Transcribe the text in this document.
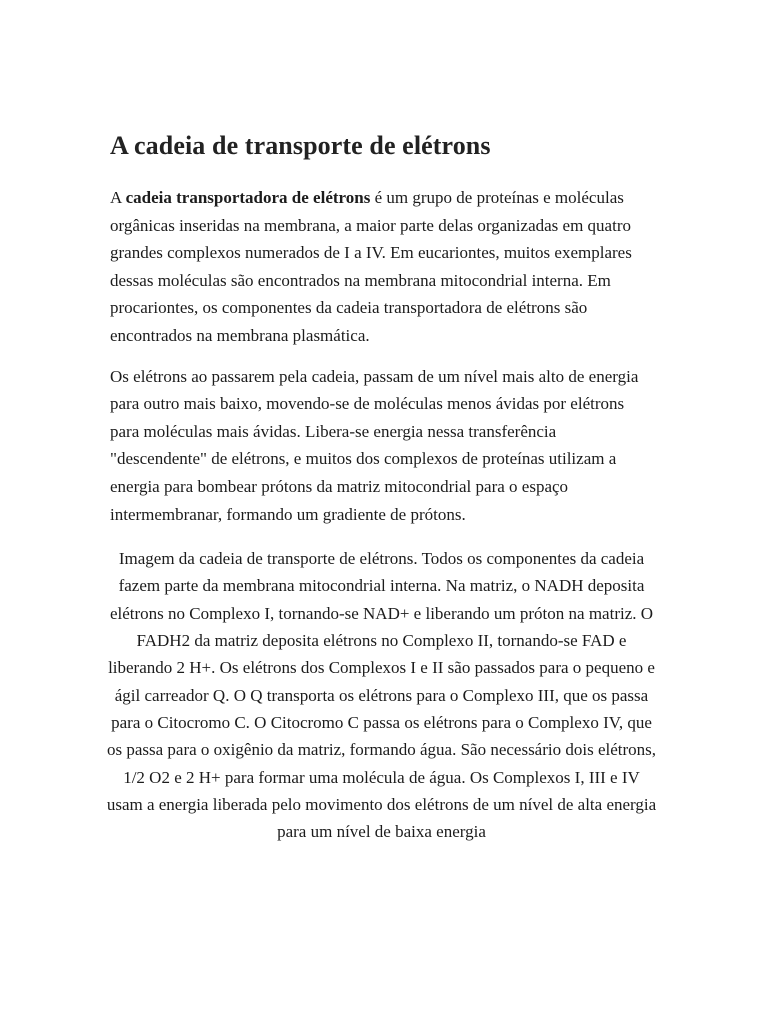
A cadeia de transporte de elétrons

A cadeia transportadora de elétrons é um grupo de proteínas e moléculas orgânicas inseridas na membrana, a maior parte delas organizadas em quatro grandes complexos numerados de I a IV. Em eucariontes, muitos exemplares dessas moléculas são encontrados na membrana mitocondrial interna. Em procariontes, os componentes da cadeia transportadora de elétrons são encontrados na membrana plasmática.

Os elétrons ao passarem pela cadeia, passam de um nível mais alto de energia para outro mais baixo, movendo-se de moléculas menos ávidas por elétrons para moléculas mais ávidas. Libera-se energia nessa transferência "descendente" de elétrons, e muitos dos complexos de proteínas utilizam a energia para bombear prótons da matriz mitocondrial para o espaço intermembranar, formando um gradiente de prótons.

Imagem da cadeia de transporte de elétrons. Todos os componentes da cadeia fazem parte da membrana mitocondrial interna. Na matriz, o NADH deposita elétrons no Complexo I, tornando-se NAD+ e liberando um próton na matriz. O FADH2 da matriz deposita elétrons no Complexo II, tornando-se FAD e liberando 2 H+. Os elétrons dos Complexos I e II são passados para o pequeno e ágil carreador Q. O Q transporta os elétrons para o Complexo III, que os passa para o Citocromo C. O Citocromo C passa os elétrons para o Complexo IV, que os passa para o oxigênio da matriz, formando água. São necessário dois elétrons, 1/2 O2 e 2 H+ para formar uma molécula de água. Os Complexos I, III e IV usam a energia liberada pelo movimento dos elétrons de um nível de alta energia para um nível de baixa energia
